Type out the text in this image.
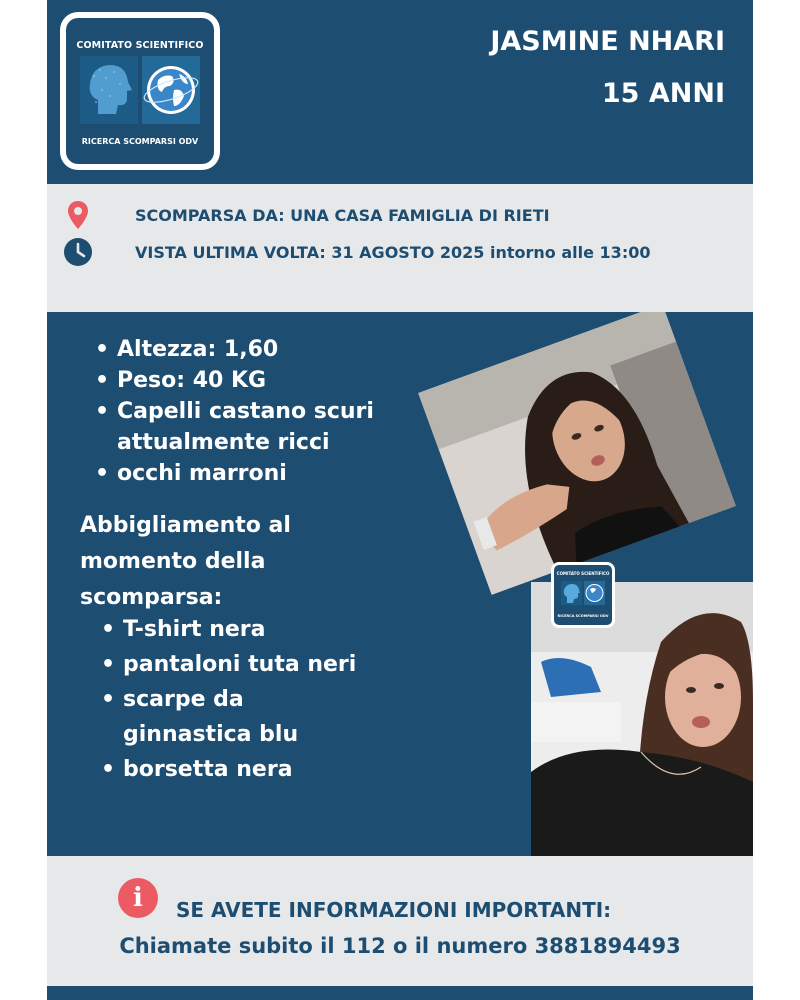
COMITATO SCIENTIFICO
RICERCA SCOMPARSI ODV
JASMINE NHARI
15 ANNI
SCOMPARSA DA: UNA CASA FAMIGLIA DI RIETI
VISTA ULTIMA VOLTA: 31 AGOSTO 2025 intorno alle 13:00
• Altezza: 1,60
• Peso: 40 KG
• Capelli castano scuri attualmente ricci
• occhi marroni
Abbigliamento al momento della scomparsa:
• T-shirt nera
• pantaloni tuta neri
• scarpe da ginnastica blu
• borsetta nera
COMITATO SCIENTIFICO
RICERCA SCOMPARSI ODV
i	SE AVETE INFORMAZIONI IMPORTANTI:
Chiamate subito il 112 o il numero 3881894493
